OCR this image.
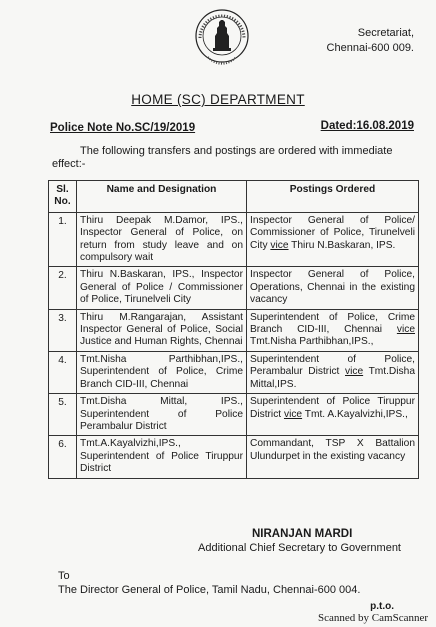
Secretariat,
Chennai-600 009.
HOME (SC) DEPARTMENT
Police Note No.SC/19/2019	Dated:16.08.2019
The following transfers and postings are ordered with immediate effect:-
Sl. No.	Name and Designation	Postings Ordered
1.	Thiru Deepak M.Damor, IPS., Inspector General of Police, on return from study leave and on compulsory wait	Inspector General of Police/ Commissioner of Police, Tirunelveli City vice Thiru N.Baskaran, IPS.
2.	Thiru N.Baskaran, IPS., Inspector General of Police / Commissioner of Police, Tirunelveli City	Inspector General of Police, Operations, Chennai in the existing vacancy
3.	Thiru M.Rangarajan, Assistant Inspector General of Police, Social Justice and Human Rights, Chennai	Superintendent of Police, Crime Branch CID-III, Chennai vice Tmt.Nisha Parthibhan,IPS.,
4.	Tmt.Nisha Parthibhan,IPS., Superintendent of Police, Crime Branch CID-III, Chennai	Superintendent of Police, Perambalur District vice Tmt.Disha Mittal,IPS.
5.	Tmt.Disha Mittal, IPS., Superintendent of Police Perambalur District	Superintendent of Police Tiruppur District vice Tmt. A.Kayalvizhi,IPS.,
6.	Tmt.A.Kayalvizhi,IPS., Superintendent of Police Tiruppur District	Commandant, TSP X Battalion Ulundurpet in the existing vacancy
NIRANJAN MARDI
Additional Chief Secretary to Government
To
The Director General of Police, Tamil Nadu, Chennai-600 004.
p.t.o.
Scanned by CamScanner
